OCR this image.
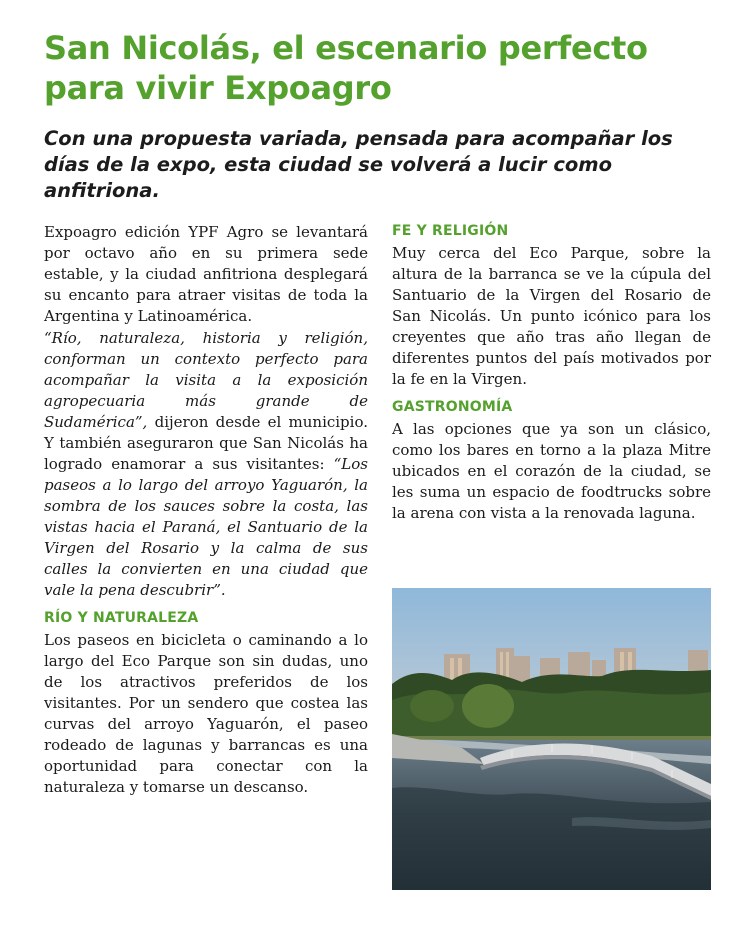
San Nicolás, el escenario perfecto para vivir Expoagro
Con una propuesta variada, pensada para acompañar los días de la expo, esta ciudad se volverá a lucir como anfitriona.

Expoagro edición YPF Agro se levantará por octavo año en su primera sede estable, y la ciudad anfitriona desplegará su encanto para atraer visitas de toda la Argentina y Latinoamérica.

“Río, naturaleza, historia y religión, conforman un contexto perfecto para acompañar la visita a la exposición agropecuaria más grande de Sudamérica”, dijeron desde el municipio. Y también aseguraron que San Nicolás ha logrado enamorar a sus visitantes: “Los paseos a lo largo del arroyo Yaguarón, la sombra de los sauces sobre la costa, las vistas hacia el Paraná, el Santuario de la Virgen del Rosario y la calma de sus calles la convierten en una ciudad que vale la pena descubrir”.

RÍO Y NATURALEZA

Los paseos en bicicleta o caminando a lo largo del Eco Parque son sin dudas, uno de los atractivos preferidos de los visitantes. Por un sendero que costea las curvas del arroyo Yaguarón, el paseo rodeado de lagunas y barrancas es una oportunidad para conectar con la naturaleza y tomarse un descanso.

FE Y RELIGIÓN

Muy cerca del Eco Parque, sobre la altura de la barranca se ve la cúpula del Santuario de la Virgen del Rosario de San Nicolás. Un punto icónico para los creyentes que año tras año llegan de diferentes puntos del país motivados por la fe en la Virgen.

GASTRONOMÍA

A las opciones que ya son un clásico, como los bares en torno a la plaza Mitre ubicados en el corazón de la ciudad, se les suma un espacio de foodtrucks sobre la arena con vista a la renovada laguna.
